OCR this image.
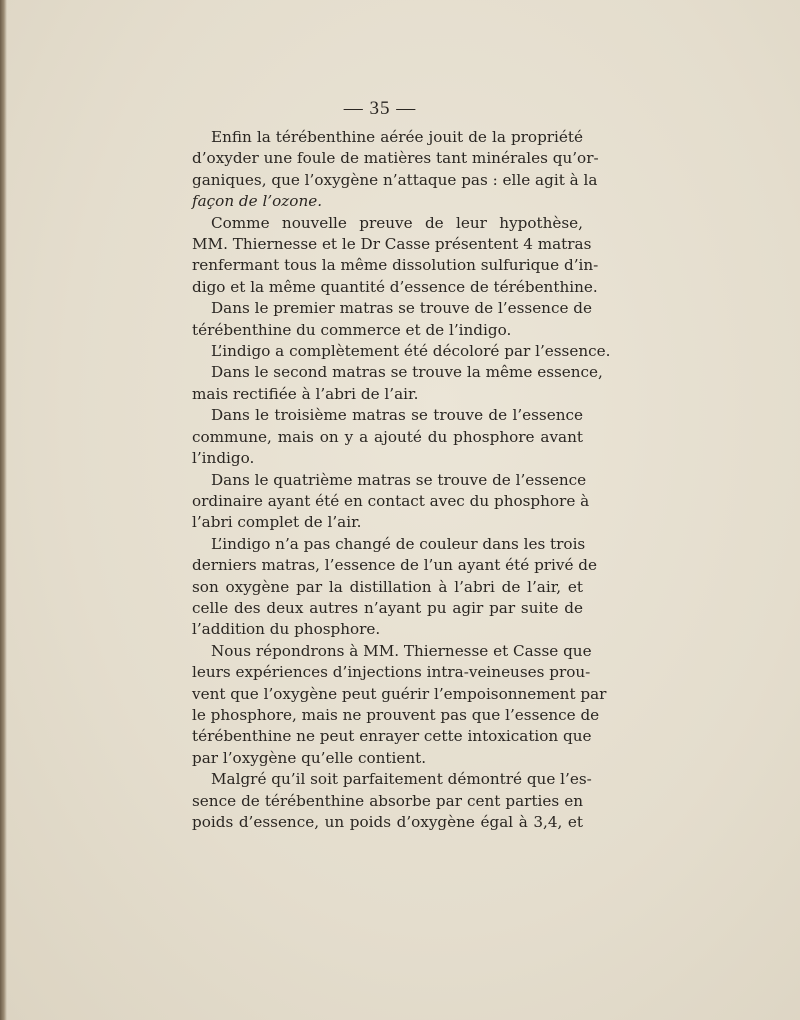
— 35 —

Enfin la térébenthine aérée jouit de la propriété
d’oxyder une foule de matières tant minérales qu’or-
ganiques, que l’oxygène n’attaque pas : elle agit à la
façon de l’ozone.

Comme nouvelle preuve de leur hypothèse,
MM. Thiernesse et le Dr Casse présentent 4 matras
renfermant tous la même dissolution sulfurique d’in-
digo et la même quantité d’essence de térébenthine.

Dans le premier matras se trouve de l’essence de
térébenthine du commerce et de l’indigo.

L’indigo a complètement été décoloré par l’essence.

Dans le second matras se trouve la même essence,
mais rectifiée à l’abri de l’air.

Dans le troisième matras se trouve de l’essence
commune, mais on y a ajouté du phosphore avant
l’indigo.

Dans le quatrième matras se trouve de l’essence
ordinaire ayant été en contact avec du phosphore à
l’abri complet de l’air.

L’indigo n’a pas changé de couleur dans les trois
derniers matras, l’essence de l’un ayant été privé de
son oxygène par la distillation à l’abri de l’air, et
celle des deux autres n’ayant pu agir par suite de
l’addition du phosphore.

Nous répondrons à MM. Thiernesse et Casse que
leurs expériences d’injections intra-veineuses prou-
vent que l’oxygène peut guérir l’empoisonnement par
le phosphore, mais ne prouvent pas que l’essence de
térébenthine ne peut enrayer cette intoxication que
par l’oxygène qu’elle contient.

Malgré qu’il soit parfaitement démontré que l’es-
sence de térébenthine absorbe par cent parties en
poids d’essence, un poids d’oxygène égal à 3,4, et
